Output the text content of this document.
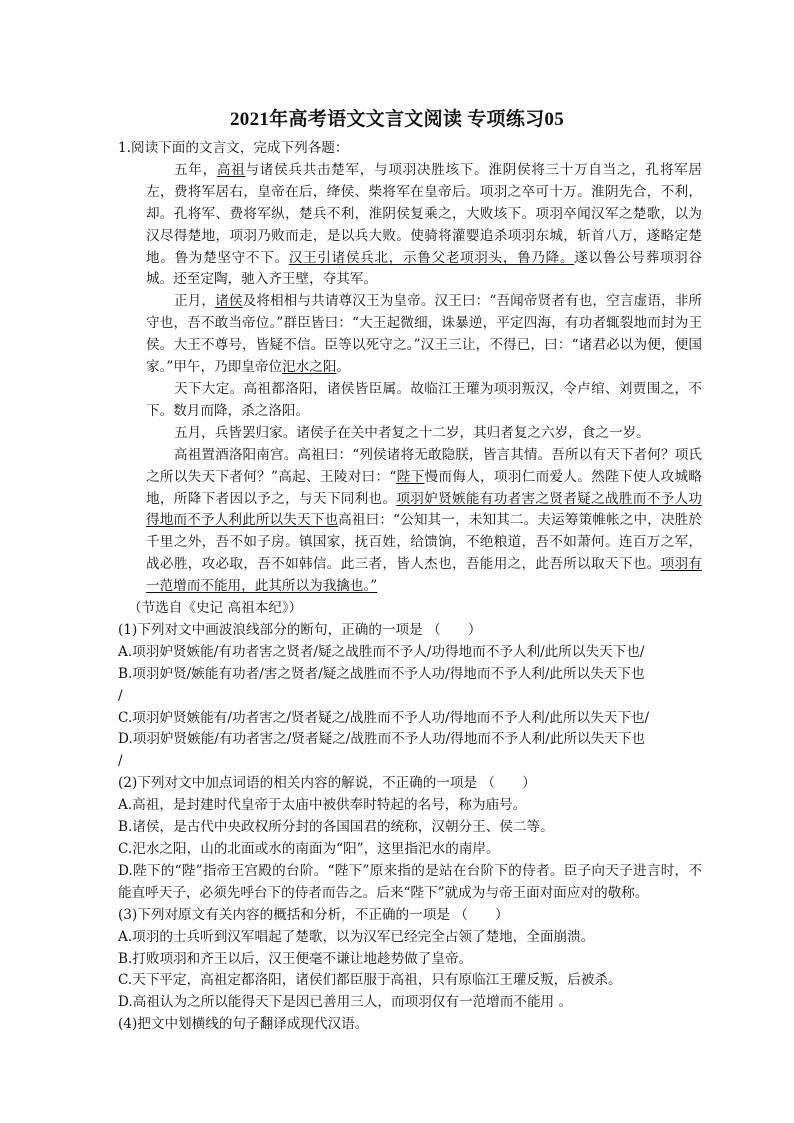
2021年高考语文文言文阅读 专项练习05

1.阅读下面的文言文，完成下列各题：

五年，高祖与诸侯兵共击楚军，与项羽决胜垓下。淮阴侯将三十万自当之，孔将军居左，费将军居右，皇帝在后，绛侯、柴将军在皇帝后。项羽之卒可十万。淮阴先合，不利，却。孔将军、费将军纵，楚兵不利，淮阴侯复乘之，大败垓下。项羽卒闻汉军之楚歌，以为汉尽得楚地，项羽乃败而走，是以兵大败。使骑将灌婴追杀项羽东城，斩首八万，遂略定楚地。鲁为楚坚守不下。汉王引诸侯兵北，示鲁父老项羽头，鲁乃降。遂以鲁公号葬项羽谷城。还至定陶，驰入齐王壁，夺其军。

正月，诸侯及将相相与共请尊汉王为皇帝。汉王曰：“吾闻帝贤者有也，空言虚语，非所守也，吾不敢当帝位。”群臣皆曰：“大王起微细，诛暴逆，平定四海，有功者辄裂地而封为王侯。大王不尊号，皆疑不信。臣等以死守之。”汉王三让，不得已，曰：“诸君必以为便，便国家。”甲午，乃即皇帝位汜水之阳。

天下大定。高祖都洛阳，诸侯皆臣属。故临江王瓘为项羽叛汉，令卢绾、刘贾围之，不下。数月而降，杀之洛阳。

五月，兵皆罢归家。诸侯子在关中者复之十二岁，其归者复之六岁，食之一岁。

高祖置酒洛阳南宫。高祖曰：“列侯诸将无敢隐朕，皆言其情。吾所以有天下者何？项氏之所以失天下者何？”高起、王陵对曰：“陛下慢而侮人，项羽仁而爱人。然陛下使人攻城略地，所降下者因以予之，与天下同利也。项羽妒贤嫉能有功者害之贤者疑之战胜而不予人功得地而不予人利此所以失天下也高祖曰：“公知其一，未知其二。夫运筹策帷帐之中，决胜於千里之外，吾不如子房。镇国家，抚百姓，给馈饷，不绝粮道，吾不如萧何。连百万之军，战必胜，攻必取，吾不如韩信。此三者，皆人杰也，吾能用之，此吾所以取天下也。项羽有一范增而不能用，此其所以为我擒也。”

（节选自《史记 高祖本纪》）

(1)下列对文中画波浪线部分的断句，正确的一项是 （　　）

A.项羽妒贤嫉能/有功者害之贤者/疑之战胜而不予人/功得地而不予人利/此所以失天下也/

B.项羽妒贤/嫉能有功者/害之贤者/疑之战胜而不予人功/得地而不予人利/此所以失天下也

/

C.项羽妒贤嫉能有/功者害之/贤者疑之/战胜而不予人功/得地而不予人利/此所以失天下也/

D.项羽妒贤嫉能/有功者害之/贤者疑之/战胜而不予人功/得地而不予人利/此所以失天下也

/

(2)下列对文中加点词语的相关内容的解说，不正确的一项是 （　　）

A.高祖，是封建时代皇帝于太庙中被供奉时特起的名号，称为庙号。

B.诸侯，是古代中央政权所分封的各国国君的统称，汉朝分王、侯二等。

C.汜水之阳，山的北面或水的南面为“阳”，这里指汜水的南岸。

D.陛下的“陛”指帝王宫殿的台阶。“陛下”原来指的是站在台阶下的侍者。臣子向天子进言时，不能直呼天子，必须先呼台下的侍者而告之。后来“陛下”就成为与帝王面对面应对的敬称。

(3)下列对原文有关内容的概括和分析，不正确的一项是 （　　）

A.项羽的士兵听到汉军唱起了楚歌，以为汉军已经完全占领了楚地，全面崩溃。

B.打败项羽和齐王以后，汉王便毫不谦让地趁势做了皇帝。

C.天下平定，高祖定都洛阳，诸侯们都臣服于高祖，只有原临江王瓘反叛，后被杀。

D.高祖认为之所以能得天下是因已善用三人，而项羽仅有一范增而不能用 。

(4)把文中划横线的句子翻译成现代汉语。
